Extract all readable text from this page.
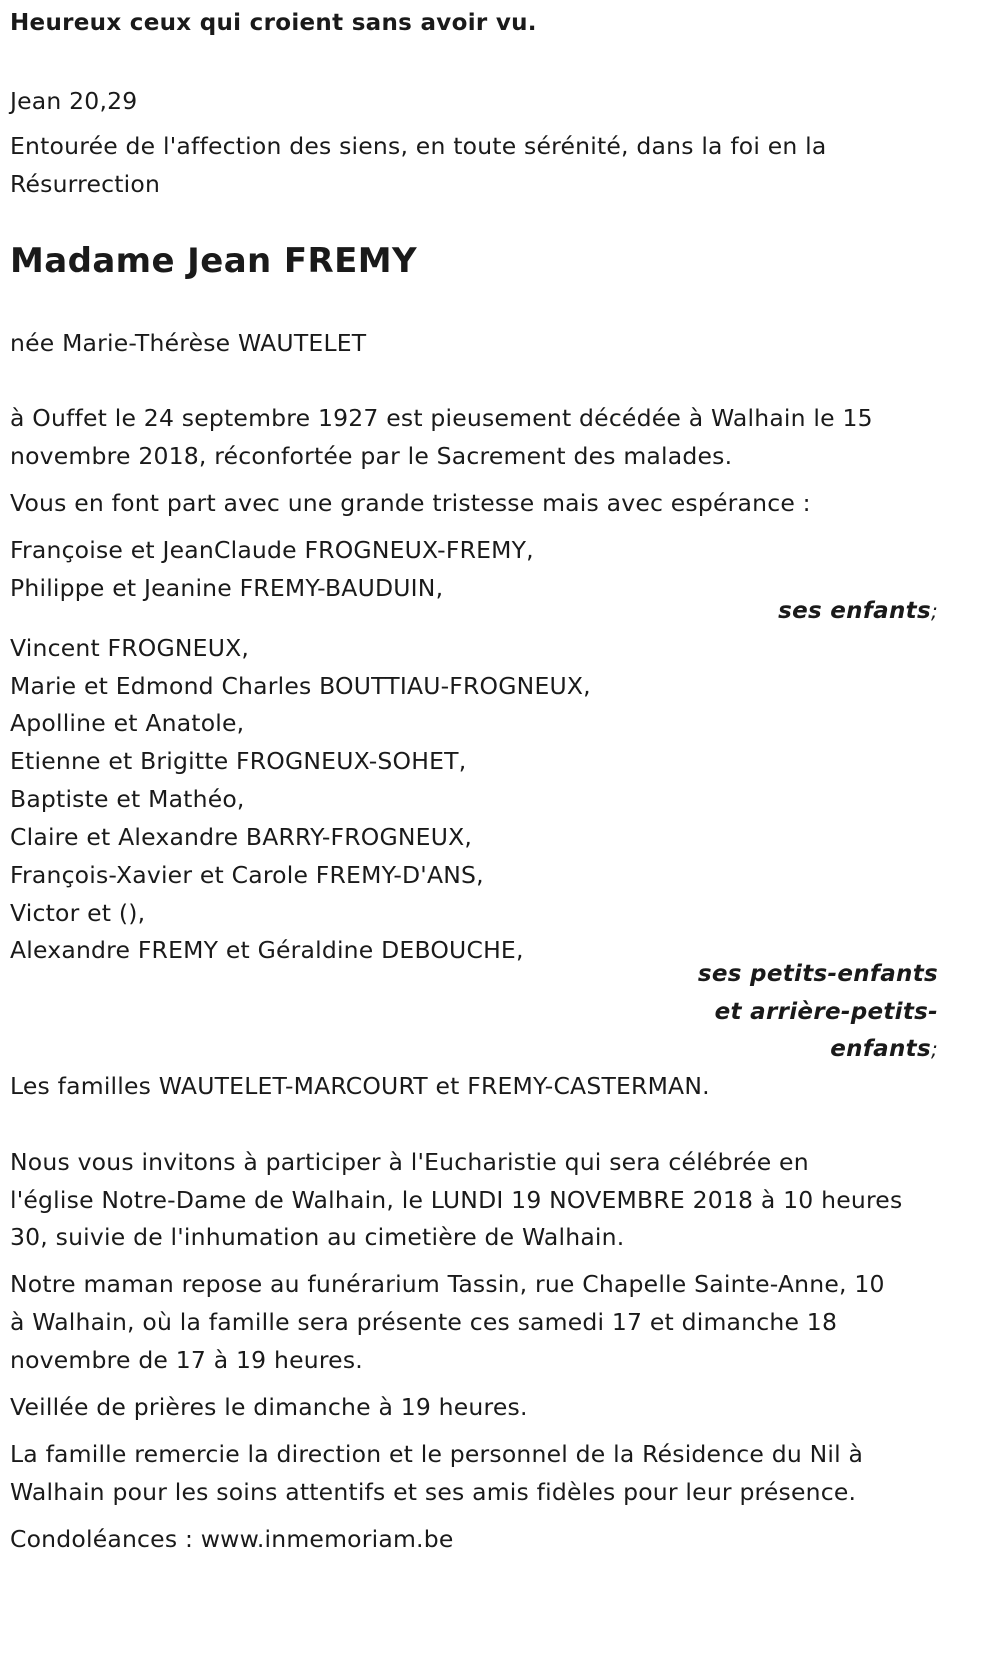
Heureux ceux qui croient sans avoir vu.
Jean 20,29
Entourée de l'affection des siens, en toute sérénité, dans la foi en la
Résurrection
Madame Jean FREMY
née Marie-Thérèse WAUTELET
à Ouffet le 24 septembre 1927 est pieusement décédée à Walhain le 15
novembre 2018, réconfortée par le Sacrement des malades.
Vous en font part avec une grande tristesse mais avec espérance :
Françoise et JeanClaude FROGNEUX-FREMY,
Philippe et Jeanine FREMY-BAUDUIN,
ses enfants;
Vincent FROGNEUX,
Marie et Edmond Charles BOUTTIAU-FROGNEUX,
Apolline et Anatole,
Etienne et Brigitte FROGNEUX-SOHET,
Baptiste et Mathéo,
Claire et Alexandre BARRY-FROGNEUX,
François-Xavier et Carole FREMY-D'ANS,
Victor et (),
Alexandre FREMY et Géraldine DEBOUCHE,
ses petits-enfants
et arrière-petits-
enfants;
Les familles WAUTELET-MARCOURT et FREMY-CASTERMAN.
Nous vous invitons à participer à l'Eucharistie qui sera célébrée en
l'église Notre-Dame de Walhain, le LUNDI 19 NOVEMBRE 2018 à 10 heures
30, suivie de l'inhumation au cimetière de Walhain.
Notre maman repose au funérarium Tassin, rue Chapelle Sainte-Anne, 10
à Walhain, où la famille sera présente ces samedi 17 et dimanche 18
novembre de 17 à 19 heures.
Veillée de prières le dimanche à 19 heures.
La famille remercie la direction et le personnel de la Résidence du Nil à
Walhain pour les soins attentifs et ses amis fidèles pour leur présence.
Condoléances : www.inmemoriam.be
